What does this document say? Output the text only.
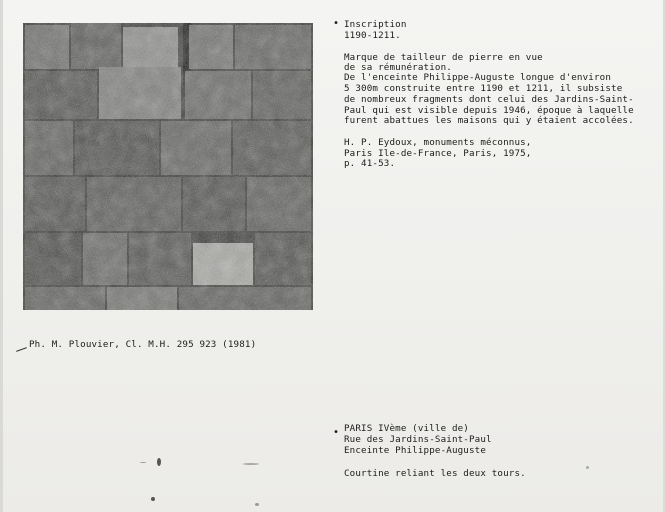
• Inscription
1190-1211.
Marque de tailleur de pierre en vue
de sa rémunération.
De l'enceinte Philippe-Auguste longue d'environ
5 300m construite entre 1190 et 1211, il subsiste
de nombreux fragments dont celui des Jardins-Saint-
Paul qui est visible depuis 1946, époque à laquelle
furent abattues les maisons qui y étaient accolées.
H. P. Eydoux, monuments méconnus,
Paris Ile-de-France, Paris, 1975,
p. 41-53.
Ph. M. Plouvier, Cl. M.H. 295 923 (1981)
• PARIS IVème (ville de)
Rue des Jardins-Saint-Paul
Enceinte Philippe-Auguste
Courtine reliant les deux tours.
